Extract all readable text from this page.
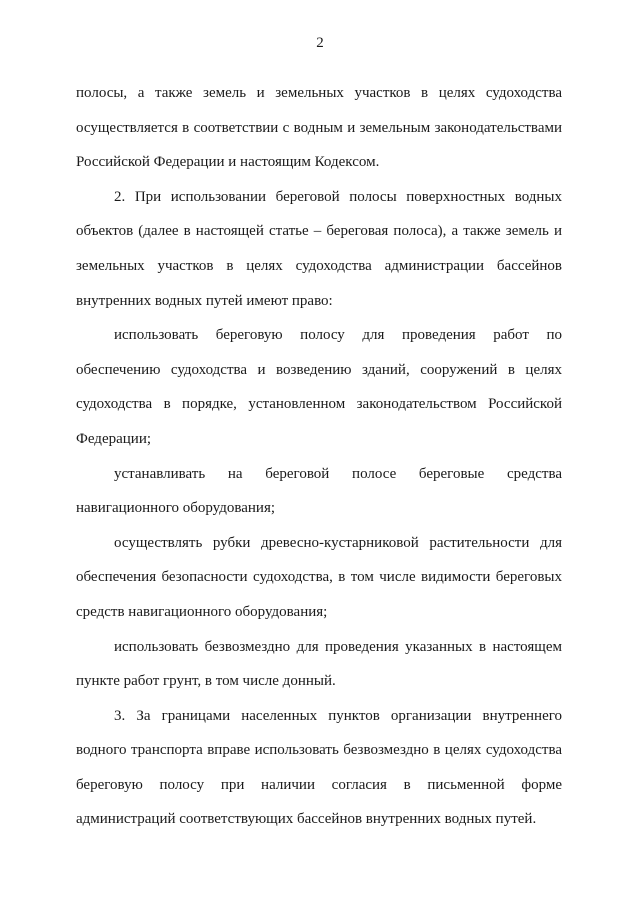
2

полосы, а также земель и земельных участков в целях судоходства осуществляется в соответствии с водным и земельным законодательствами Российской Федерации и настоящим Кодексом.

2. При использовании береговой полосы поверхностных водных объектов (далее в настоящей статье – береговая полоса), а также земель и земельных участков в целях судоходства администрации бассейнов внутренних водных путей имеют право:

использовать береговую полосу для проведения работ по обеспечению судоходства и возведению зданий, сооружений в целях судоходства в порядке, установленном законодательством Российской Федерации;

устанавливать на береговой полосе береговые средства навигационного оборудования;

осуществлять рубки древесно-кустарниковой растительности для обеспечения безопасности судоходства, в том числе видимости береговых средств навигационного оборудования;

использовать безвозмездно для проведения указанных в настоящем пункте работ грунт, в том числе донный.

3. За границами населенных пунктов организации внутреннего водного транспорта вправе использовать безвозмездно в целях судоходства береговую полосу при наличии согласия в письменной форме администраций соответствующих бассейнов внутренних водных путей.
